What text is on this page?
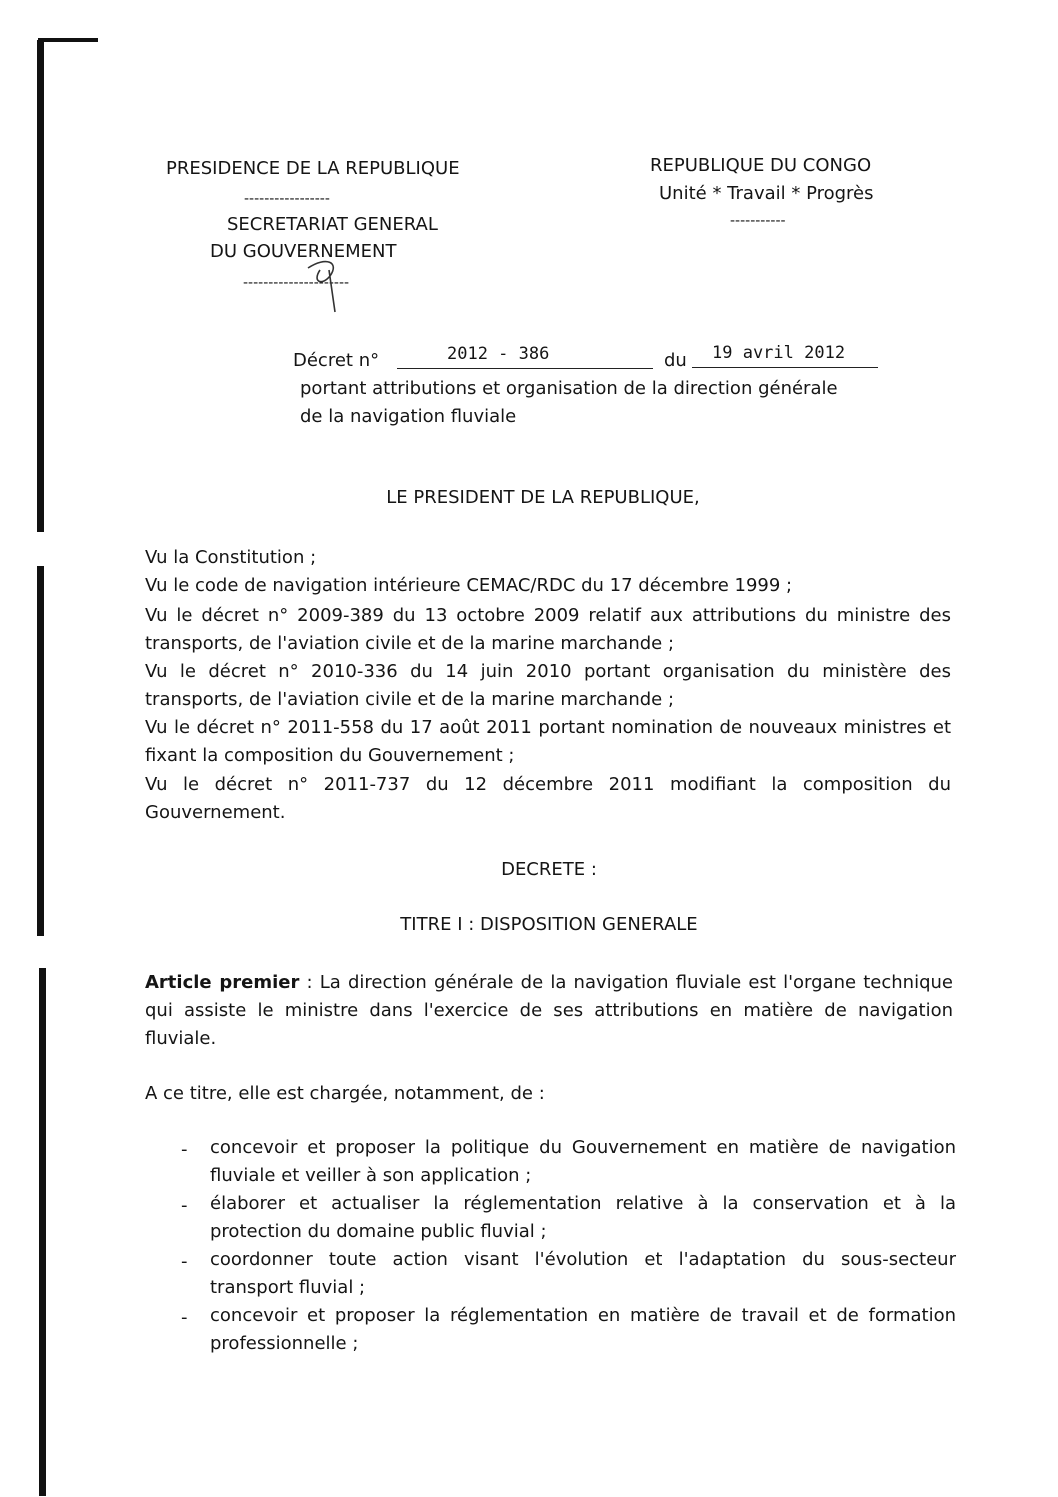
PRESIDENCE DE LA REPUBLIQUE
-----------------
SECRETARIAT GENERAL
DU GOUVERNEMENT
---------------------
REPUBLIQUE DU CONGO
Unité * Travail * Progrès
-----------
Décret n°	2012 - 386	du 19 avril 2012
portant attributions et organisation de la direction générale
de la navigation fluviale
LE PRESIDENT DE LA REPUBLIQUE,
Vu la Constitution ;
Vu le code de navigation intérieure CEMAC/RDC du 17 décembre 1999 ;
Vu le décret n° 2009-389 du 13 octobre 2009 relatif aux attributions du ministre des transports, de l'aviation civile et de la marine marchande ;
Vu le décret n° 2010-336 du 14 juin 2010 portant organisation du ministère des transports, de l'aviation civile et de la marine marchande ;
Vu le décret n° 2011-558 du 17 août 2011 portant nomination de nouveaux ministres et fixant la composition du Gouvernement ;
Vu le décret n° 2011-737 du 12 décembre 2011 modifiant la composition du Gouvernement.
DECRETE :
TITRE I : DISPOSITION GENERALE
Article premier : La direction générale de la navigation fluviale est l'organe technique qui assiste le ministre dans l'exercice de ses attributions en matière de navigation fluviale.
A ce titre, elle est chargée, notamment, de :
- concevoir et proposer la politique du Gouvernement en matière de navigation fluviale et veiller à son application ;
- élaborer et actualiser la réglementation relative à la conservation et à la protection du domaine public fluvial ;
- coordonner toute action visant l'évolution et l'adaptation du sous-secteur transport fluvial ;
- concevoir et proposer la réglementation en matière de travail et de formation professionnelle ;
